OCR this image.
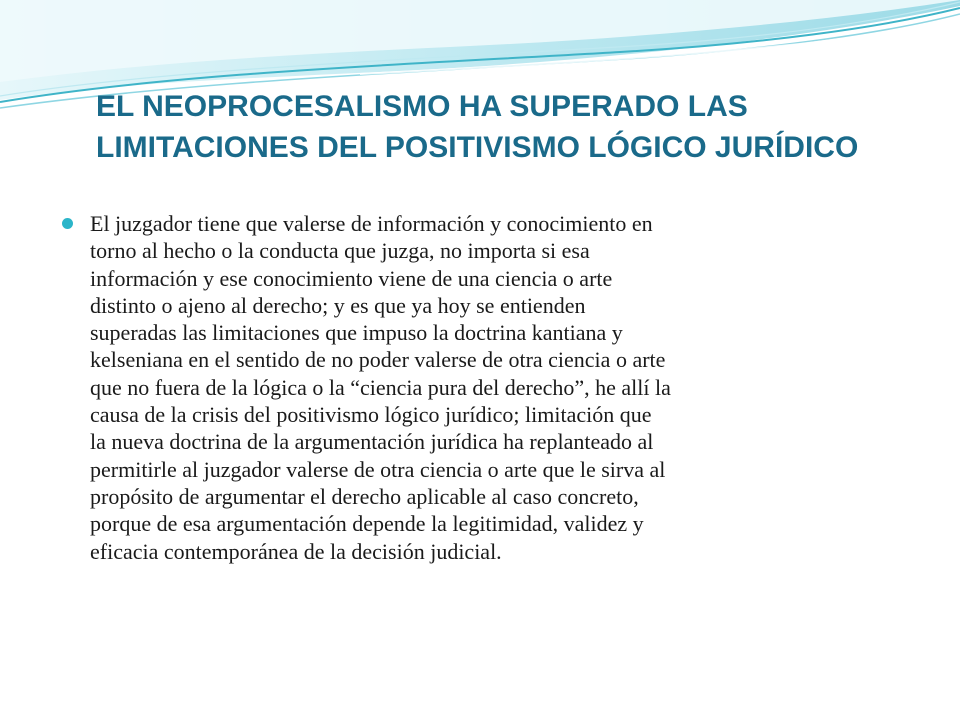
EL NEOPROCESALISMO HA SUPERADO LAS
LIMITACIONES DEL POSITIVISMO LÓGICO JURÍDICO

El juzgador tiene que valerse de información y conocimiento en
torno al hecho o la conducta que juzga, no importa si esa
información y ese conocimiento viene de una ciencia o arte
distinto o ajeno al derecho; y es que ya hoy se entienden
superadas las limitaciones que impuso la doctrina kantiana y
kelseniana en el sentido de no poder valerse de otra ciencia o arte
que no fuera de la lógica o la “ciencia pura del derecho”, he allí la
causa de la crisis del positivismo lógico jurídico; limitación que
la nueva doctrina de la argumentación jurídica ha replanteado al
permitirle al juzgador valerse de otra ciencia o arte que le sirva al
propósito de argumentar el derecho aplicable al caso concreto,
porque de esa argumentación depende la legitimidad, validez y
eficacia contemporánea de la decisión judicial.
